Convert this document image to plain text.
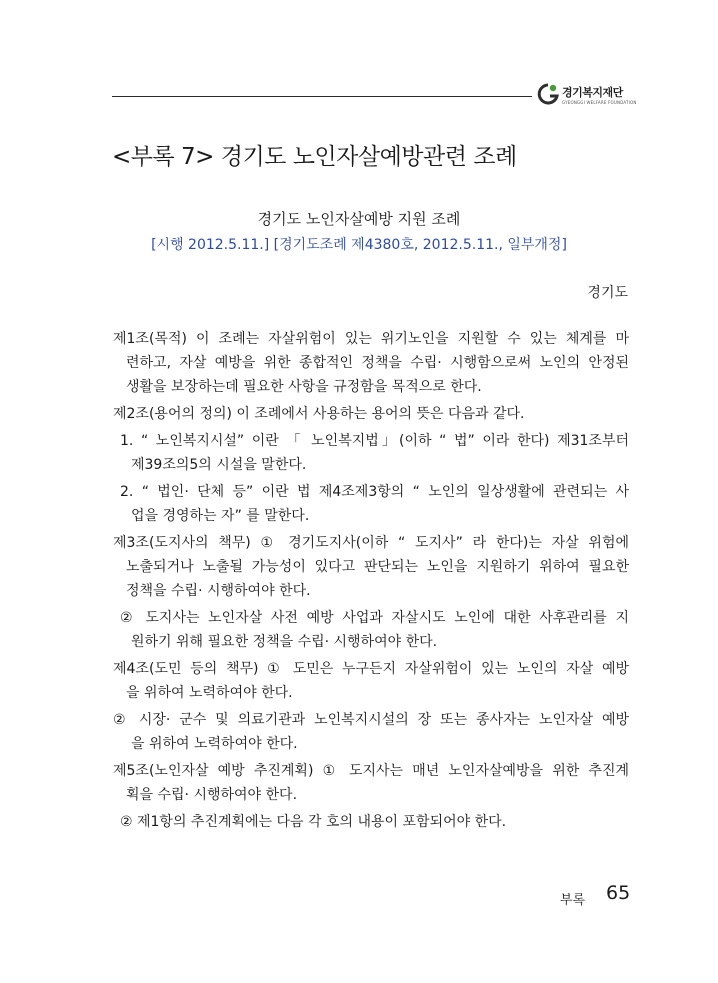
경기복지재단
GYEONGGI WELFARE FOUNDATION
<부록 7> 경기도 노인자살예방관련 조례
경기도 노인자살예방 지원 조례
[시행 2012.5.11.] [경기도조례 제4380호, 2012.5.11., 일부개정]
경기도
제1조(목적) 이 조례는 자살위험이 있는 위기노인을 지원할 수 있는 체계를 마
련하고, 자살 예방을 위한 종합적인 정책을 수립· 시행함으로써 노인의 안정된
생활을 보장하는데 필요한 사항을 규정함을 목적으로 한다.
제2조(용어의 정의) 이 조례에서 사용하는 용어의 뜻은 다음과 같다.
1. “ 노인복지시설” 이란 「 노인복지법」(이하 “ 법” 이라 한다) 제31조부터
제39조의5의 시설을 말한다.
2. “ 법인· 단체 등” 이란 법 제4조제3항의 “ 노인의 일상생활에 관련되는 사
업을 경영하는 자” 를 말한다.
제3조(도지사의 책무) ① 경기도지사(이하 “ 도지사” 라 한다)는 자살 위험에
노출되거나 노출될 가능성이 있다고 판단되는 노인을 지원하기 위하여 필요한
정책을 수립· 시행하여야 한다.
② 도지사는 노인자살 사전 예방 사업과 자살시도 노인에 대한 사후관리를 지
원하기 위해 필요한 정책을 수립· 시행하여야 한다.
제4조(도민 등의 책무) ① 도민은 누구든지 자살위험이 있는 노인의 자살 예방
을 위하여 노력하여야 한다.
② 시장· 군수 및 의료기관과 노인복지시설의 장 또는 종사자는 노인자살 예방
을 위하여 노력하여야 한다.
제5조(노인자살 예방 추진계획) ① 도지사는 매년 노인자살예방을 위한 추진계
획을 수립· 시행하여야 한다.
② 제1항의 추진계획에는 다음 각 호의 내용이 포함되어야 한다.
부록 65
